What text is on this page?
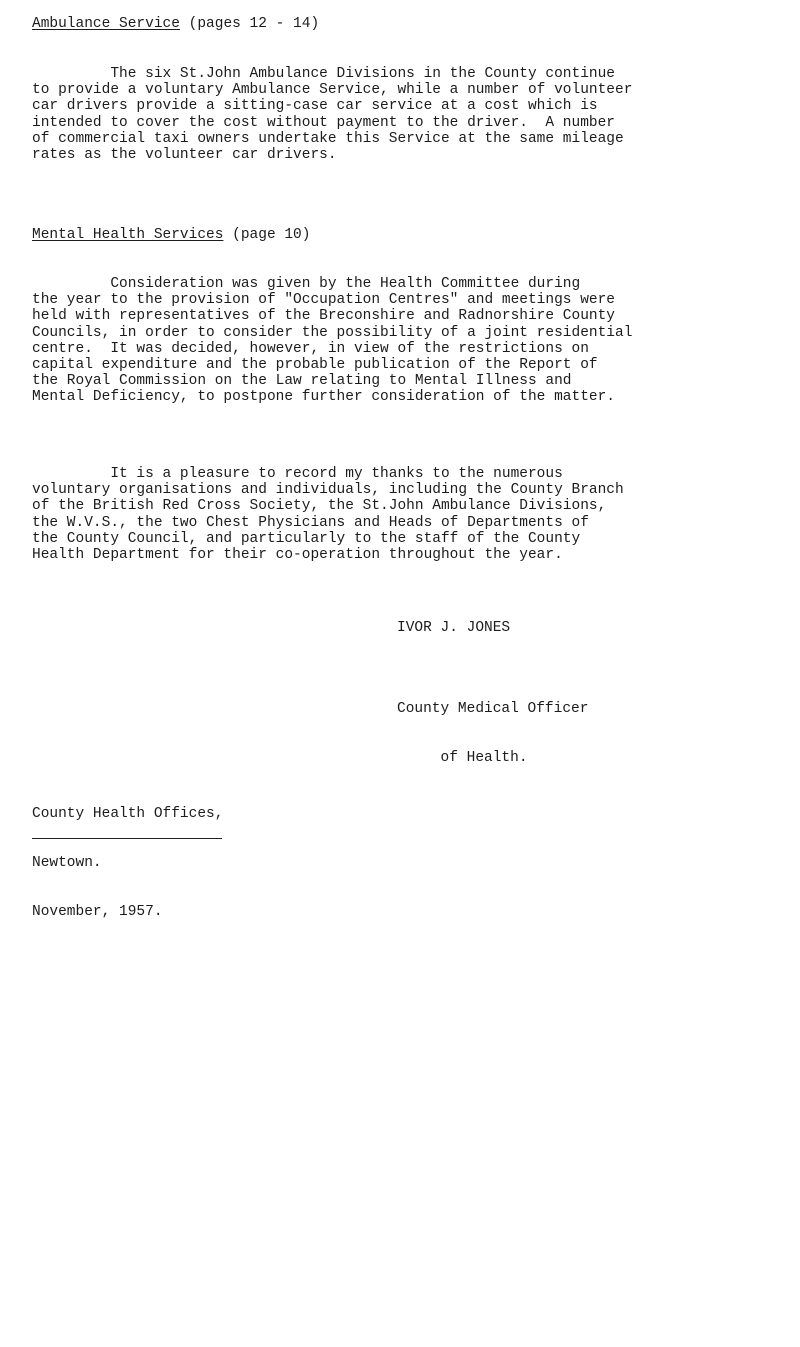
Ambulance Service (pages 12 - 14)
The six St.John Ambulance Divisions in the County continue
to provide a voluntary Ambulance Service, while a number of volunteer
car drivers provide a sitting-case car service at a cost which is
intended to cover the cost without payment to the driver.  A number
of commercial taxi owners undertake this Service at the same mileage
rates as the volunteer car drivers.
Mental Health Services (page 10)
Consideration was given by the Health Committee during
the year to the provision of "Occupation Centres" and meetings were
held with representatives of the Breconshire and Radnorshire County
Councils, in order to consider the possibility of a joint residential
centre.  It was decided, however, in view of the restrictions on
capital expenditure and the probable publication of the Report of
the Royal Commission on the Law relating to Mental Illness and
Mental Deficiency, to postpone further consideration of the matter.
It is a pleasure to record my thanks to the numerous
voluntary organisations and individuals, including the County Branch
of the British Red Cross Society, the St.John Ambulance Divisions,
the W.V.S., the two Chest Physicians and Heads of Departments of
the County Council, and particularly to the staff of the County
Health Department for their co-operation throughout the year.
IVOR J. JONES

County Medical Officer

of Health.

County Health Offices,

Newtown.

November, 1957.
